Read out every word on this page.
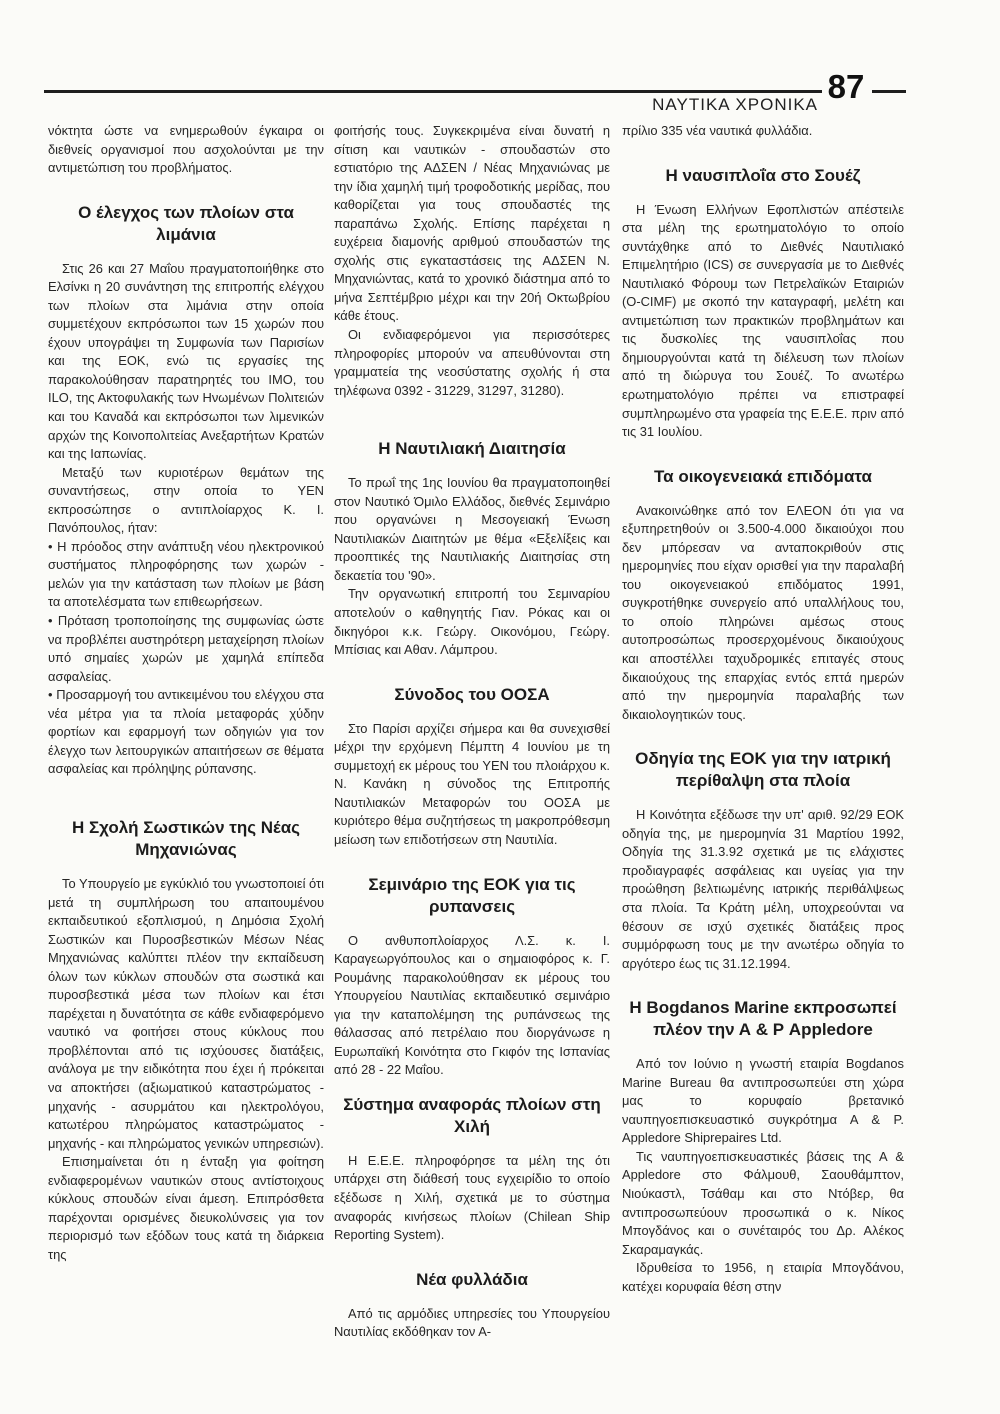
ΝΑΥΤΙΚΑ ΧΡΟΝΙΚΑ 87

νόκτητα ώστε να ενημερωθούν έγκαιρα οι διεθνείς οργανισμοί που ασχολούνται με την αντιμετώπιση του προβλήματος.

Ο έλεγχος των πλοίων στα λιμάνια

Στις 26 και 27 Μαΐου πραγματοποιήθηκε στο Ελσίνκι η 20 συνάντηση της επιτροπής ελέγχου των πλοίων στα λιμάνια στην οποία συμμετέχουν εκπρόσωποι των 15 χωρών που έχουν υπογράψει τη Συμφωνία των Παρισίων και της ΕΟΚ, ενώ τις εργασίες της παρακολούθησαν παρατηρητές του ΙΜΟ, του ILO, της Ακτοφυλακής των Ηνωμένων Πολιτειών και του Καναδά και εκπρόσωποι των λιμενικών αρχών της Κοινοπολιτείας Ανεξαρτήτων Κρατών και της Ιαπωνίας.

Μεταξύ των κυριοτέρων θεμάτων της συναντήσεως, στην οποία το ΥΕΝ εκπροσώπησε ο αντιπλοίαρχος Κ. Ι. Πανόπουλος, ήταν:

• Η πρόοδος στην ανάπτυξη νέου ηλεκτρονικού συστήματος πληροφόρησης των χωρών - μελών για την κατάσταση των πλοίων με βάση τα αποτελέσματα των επιθεωρήσεων.

• Πρόταση τροποποίησης της συμφωνίας ώστε να προβλέπει αυστηρότερη μεταχείρηση πλοίων υπό σημαίες χωρών με χαμηλά επίπεδα ασφαλείας.

• Προσαρμογή του αντικειμένου του ελέγχου στα νέα μέτρα για τα πλοία μεταφοράς χύδην φορτίων και εφαρμογή των οδηγιών για τον έλεγχο των λειτουργικών απαιτήσεων σε θέματα ασφαλείας και πρόληψης ρύπανσης.

Η Σχολή Σωστικών της Νέας Μηχανιώνας

Το Υπουργείο με εγκύκλιό του γνωστοποιεί ότι μετά τη συμπλήρωση του απαιτουμένου εκπαιδευτικού εξοπλισμού, η Δημόσια Σχολή Σωστικών και Πυροσβεστικών Μέσων Νέας Μηχανιώνας καλύπτει πλέον την εκπαίδευση όλων των κύκλων σπουδών στα σωστικά και πυροσβεστικά μέσα των πλοίων και έτσι παρέχεται η δυνατότητα σε κάθε ενδιαφερόμενο ναυτικό να φοιτήσει στους κύκλους που προβλέπονται από τις ισχύουσες διατάξεις, ανάλογα με την ειδικότητα που έχει ή πρόκειται να αποκτήσει (αξιωματικού καταστρώματος - μηχανής - ασυρμάτου και ηλεκτρολόγου, κατωτέρου πληρώματος καταστρώματος - μηχανής - και πληρώματος γενικών υπηρεσιών).

Επισημαίνεται ότι η ένταξη για φοίτηση ενδιαφερομένων ναυτικών στους αντίστοιχους κύκλους σπουδών είναι άμεση. Επιπρόσθετα παρέχονται ορισμένες διευκολύνσεις για τον περιορισμό των εξόδων τους κατά τη διάρκεια της

φοιτήσής τους. Συγκεκριμένα είναι δυνατή η σίτιση και ναυτικών - σπουδαστών στο εστιατόριο της ΑΔΣΕΝ / Νέας Μηχανιώνας με την ίδια χαμηλή τιμή τροφοδοτικής μερίδας, που καθορίζεται για τους σπουδαστές της παραπάνω Σχολής. Επίσης παρέχεται η ευχέρεια διαμονής αριθμού σπουδαστών της σχολής στις εγκαταστάσεις της ΑΔΣΕΝ Ν. Μηχανιώντας, κατά το χρονικό διάστημα από το μήνα Σεπτέμβριο μέχρι και την 20ή Οκτωβρίου κάθε έτους.

Οι ενδιαφερόμενοι για περισσότερες πληροφορίες μπορούν να απευθύνονται στη γραμματεία της νεοσύστατης σχολής ή στα τηλέφωνα 0392 - 31229, 31297, 31280).

Η Ναυτιλιακή Διαιτησία

Το πρωΐ της 1ης Ιουνίου θα πραγματοποιηθεί στον Ναυτικό Όμιλο Ελλάδος, διεθνές Σεμινάριο που οργανώνει η Μεσογειακή Ένωση Ναυτιλιακών Διαιτητών με θέμα «Εξελίξεις και προοπτικές της Ναυτιλιακής Διαιτησίας στη δεκαετία του '90».

Την οργανωτική επιτροπή του Σεμιναρίου αποτελούν ο καθηγητής Γιαν. Ρόκας και οι δικηγόροι κ.κ. Γεώργ. Οικονόμου, Γεώργ. Μπίσιας και Αθαν. Λάμπρου.

Σύνοδος του ΟΟΣΑ

Στο Παρίσι αρχίζει σήμερα και θα συνεχισθεί μέχρι την ερχόμενη Πέμπτη 4 Ιουνίου με τη συμμετοχή εκ μέρους του ΥΕΝ του πλοιάρχου κ. Ν. Κανάκη η σύνοδος της Επιτροπής Ναυτιλιακών Μεταφορών του ΟΟΣΑ με κυριότερο θέμα συζητήσεως τη μακροπρόθεσμη μείωση των επιδοτήσεων στη Ναυτιλία.

Σεμινάριο της ΕΟΚ για τις ρυπανσεις

Ο ανθυποπλοίαρχος Λ.Σ. κ. Ι. Καραγεωργόπουλος και ο σημαιοφόρος κ. Γ. Ρουμάνης παρακολούθησαν εκ μέρους του Υπουργείου Ναυτιλίας εκπαιδευτικό σεμινάριο για την καταπολέμηση της ρυπάνσεως της θάλασσας από πετρέλαιο που διοργάνωσε η Ευρωπαϊκή Κοινότητα στο Γκιφόν της Ισπανίας από 28 - 22 Μαΐου.

Σύστημα αναφοράς πλοίων στη Χιλή

Η Ε.Ε.Ε. πληροφόρησε τα μέλη της ότι υπάρχει στη διάθεσή τους εγχειρίδιο το οποίο εξέδωσε η Χιλή, σχετικά με το σύστημα αναφοράς κινήσεως πλοίων (Chilean Ship Reporting System).

Νέα φυλλάδια

Από τις αρμόδιες υπηρεσίες του Υπουργείου Ναυτιλίας εκδόθηκαν τον Α-

πρίλιο 335 νέα ναυτικά φυλλάδια.

Η ναυσιπλοΐα στο Σουέζ

Η Ένωση Ελλήνων Εφοπλιστών απέστειλε στα μέλη της ερωτηματολόγιο το οποίο συντάχθηκε από το Διεθνές Ναυτιλιακό Επιμελητήριο (ICS) σε συνεργασία με το Διεθνές Ναυτιλιακό Φόρουμ των Πετρελαϊκών Εταιριών (O-CIMF) με σκοπό την καταγραφή, μελέτη και αντιμετώπιση των πρακτικών προβλημάτων και τις δυσκολίες της ναυσιπλοΐας που δημιουργούνται κατά τη διέλευση των πλοίων από τη διώρυγα του Σουέζ. Το ανωτέρω ερωτηματολόγιο πρέπει να επιστραφεί συμπληρωμένο στα γραφεία της Ε.Ε.Ε. πριν από τις 31 Ιουλίου.

Τα οικογενειακά επιδόματα

Ανακοινώθηκε από τον ΕΛΕΟΝ ότι για να εξυπηρετηθούν οι 3.500-4.000 δικαιούχοι που δεν μπόρεσαν να ανταποκριθούν στις ημερομηνίες που είχαν ορισθεί για την παραλαβή του οικογενειακού επιδόματος 1991, συγκροτήθηκε συνεργείο από υπαλλήλους του, το οποίο πληρώνει αμέσως στους αυτοπροσώπως προσερχομένους δικαιούχους και αποστέλλει ταχυδρομικές επιταγές στους δικαιούχους της επαρχίας εντός επτά ημερών από την ημερομηνία παραλαβής των δικαιολογητικών τους.

Οδηγία της ΕΟΚ για την ιατρική περίθαλψη στα πλοία

Η Κοινότητα εξέδωσε την υπ' αριθ. 92/29 ΕΟΚ οδηγία της, με ημερομηνία 31 Μαρτίου 1992, Οδηγία της 31.3.92 σχετικά με τις ελάχιστες προδιαγραφές ασφάλειας και υγείας για την προώθηση βελτιωμένης ιατρικής περιθάλψεως στα πλοία. Τα Κράτη μέλη, υποχρεούνται να θέσουν σε ισχύ σχετικές διατάξεις προς συμμόρφωση τους με την ανωτέρω οδηγία το αργότερο έως τις 31.12.1994.

Η Bogdanos Marine εκπροσωπεί πλέον την Α & Ρ Appledore

Από τον Ιούνιο η γνωστή εταιρία Bogdanos Marine Bureau θα αντιπροσωπεύει στη χώρα μας το κορυφαίο βρετανικό ναυπηγοεπισκευαστικό συγκρότημα Α & Ρ. Appledore Shiprepaires Ltd.

Τις ναυπηγοεπισκευαστικές βάσεις της Α & Appledore στο Φάλμουθ, Σαουθάμπτον, Νιούκαστλ, Τσάθαμ και στο Ντόβερ, θα αντιπροσωπεύουν προσωπικά ο κ. Νίκος Μπογδάνος και ο συνέταιρός του Δρ. Αλέκος Σκαραμαγκάς.

Ιδρυθείσα το 1956, η εταιρία Μπογδάνου, κατέχει κορυφαία θέση στην
